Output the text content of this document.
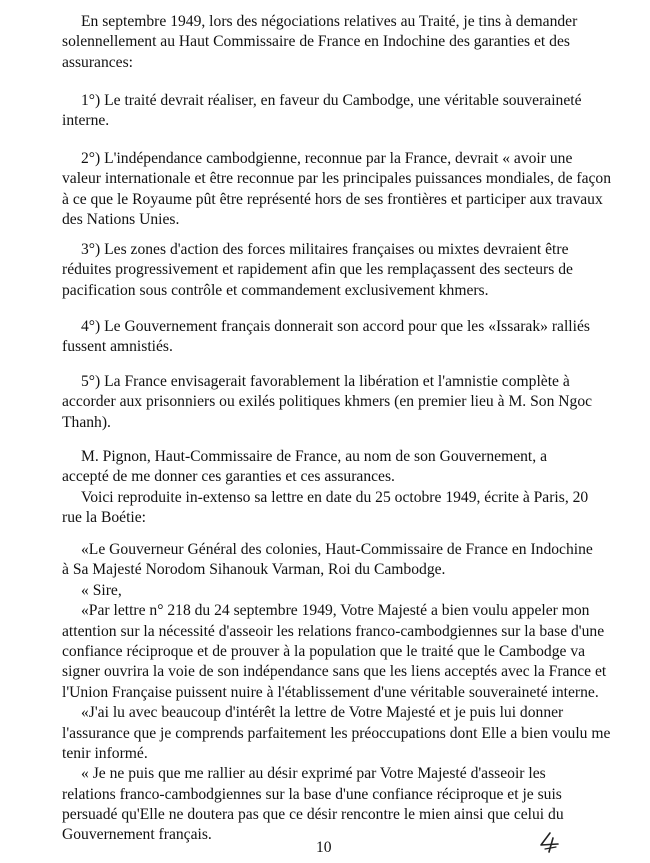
En septembre 1949, lors des négociations relatives au Traité, je tins à demander
solennellement au Haut Commissaire de France en Indochine des garanties et des
assurances:
1°) Le traité devrait réaliser, en faveur du Cambodge, une véritable souveraineté
interne.
2°) L'indépendance cambodgienne, reconnue par la France, devrait « avoir une
valeur internationale et être reconnue par les principales puissances mondiales, de façon
à ce que le Royaume pût être représenté hors de ses frontières et participer aux travaux
des Nations Unies.
3°) Les zones d'action des forces militaires françaises ou mixtes devraient être
réduites progressivement et rapidement afin que les remplaçassent des secteurs de
pacification sous contrôle et commandement exclusivement khmers.
4°) Le Gouvernement français donnerait son accord pour que les «Issarak» ralliés
fussent amnistiés.
5°) La France envisagerait favorablement la libération et l'amnistie complète à
accorder aux prisonniers ou exilés politiques khmers (en premier lieu à M. Son Ngoc
Thanh).
M. Pignon, Haut-Commissaire de France, au nom de son Gouvernement, a
accepté de me donner ces garanties et ces assurances.
Voici reproduite in-extenso sa lettre en date du 25 octobre 1949, écrite à Paris, 20
rue la Boétie:
«Le Gouverneur Général des colonies, Haut-Commissaire de France en Indochine
à Sa Majesté Norodom Sihanouk Varman, Roi du Cambodge.
« Sire,
«Par lettre n° 218 du 24 septembre 1949, Votre Majesté a bien voulu appeler mon
attention sur la nécessité d'asseoir les relations franco-cambodgiennes sur la base d'une
confiance réciproque et de prouver à la population que le traité que le Cambodge va
signer ouvrira la voie de son indépendance sans que les liens acceptés avec la France et
l'Union Française puissent nuire à l'établissement d'une véritable souveraineté interne.
«J'ai lu avec beaucoup d'intérêt la lettre de Votre Majesté et je puis lui donner
l'assurance que je comprends parfaitement les préoccupations dont Elle a bien voulu me
tenir informé.
« Je ne puis que me rallier au désir exprimé par Votre Majesté d'asseoir les
relations franco-cambodgiennes sur la base d'une confiance réciproque et je suis
persuadé qu'Elle ne doutera pas que ce désir rencontre le mien ainsi que celui du
Gouvernement français.
10
